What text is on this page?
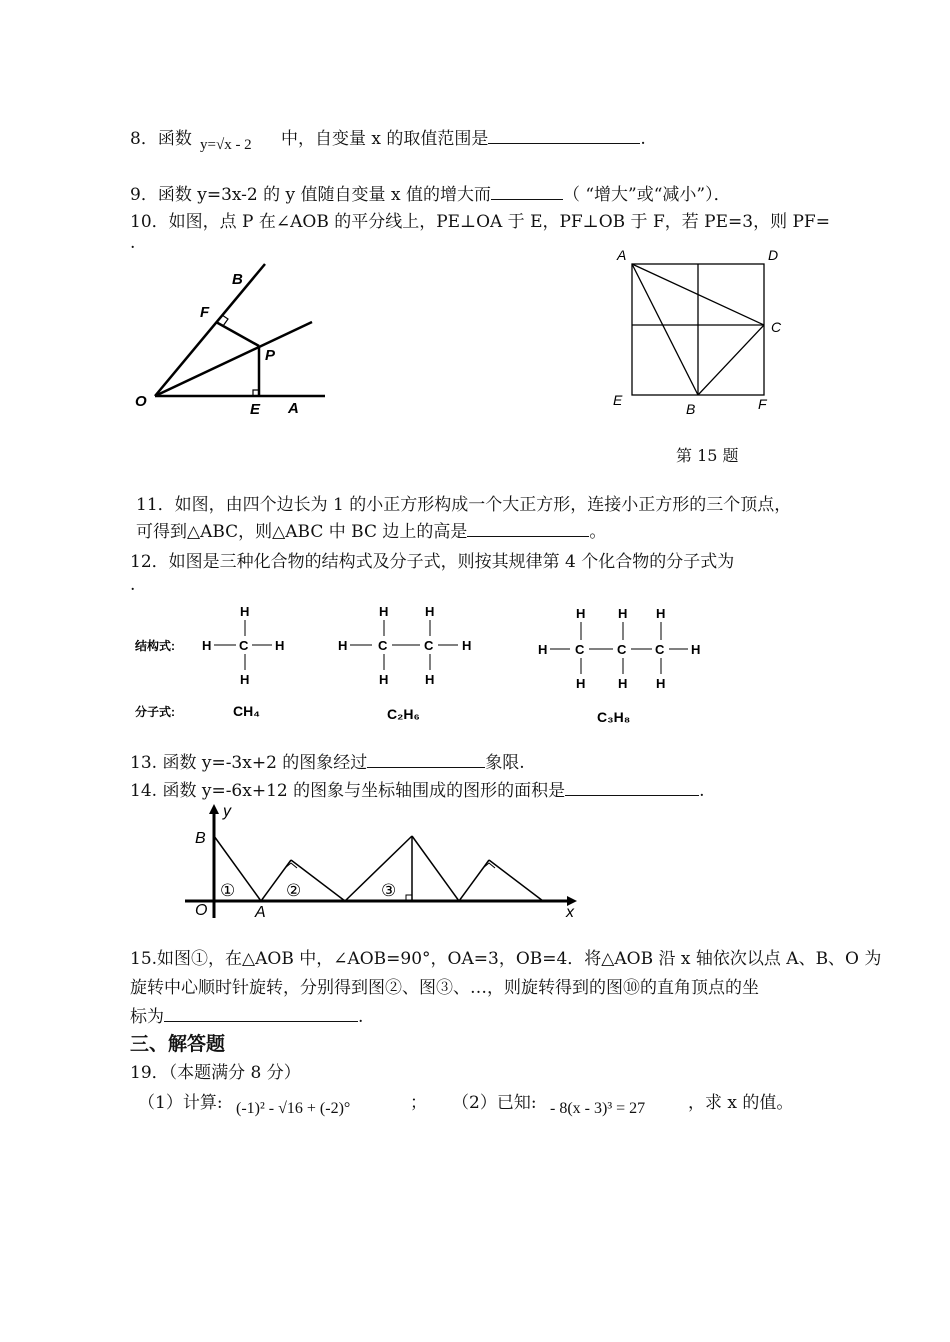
8．函数 y=√x - 2 中，自变量 x 的取值范围是	.
9．函数 y=3x-2 的 y 值随自变量 x 值的增大而	（ “增大”或“减小”）．
10．如图，点 P 在∠AOB 的平分线上，PE⊥OA 于 E，PF⊥OB 于 F，若 PE=3，则 PF=
.
B
F
P
O	E A
A	D
C
E
B	F
第 15 题
11．如图，由四个边长为 1 的小正方形构成一个大正方形，连接小正方形的三个顶点，
可得到△ABC，则△ABC 中 BC 边上的高是	。
12．如图是三种化合物的结构式及分子式，则按其规律第 4 个化合物的分子式为
.
结构式:
分子式:
H
H C H
H
CH₄
H
H
C
H
H
C
H
H
C₂H₆
H
H
C
H
H
C
H
H
C
H
H
C₃H₈
13. 函数 y=-3x+2 的图象经过	象限.
14. 函数 y=-6x+12 的图象与坐标轴围成的图形的面积是	.
y
B
O	A	x
①	②	③
15.如图①，在△AOB 中，∠AOB=90°，OA=3，OB=4．将△AOB 沿 x 轴依次以点 A、B、O 为
旋转中心顺时针旋转，分别得到图②、图③、…，则旋转得到的图⑩的直角顶点的坐
标为	.
三、解答题
19．（本题满分 8 分）
（1）计算: (-1)² - √16 + (-2)°	； （2）已知: - 8(x - 3)³ = 27	，求 x 的值。
